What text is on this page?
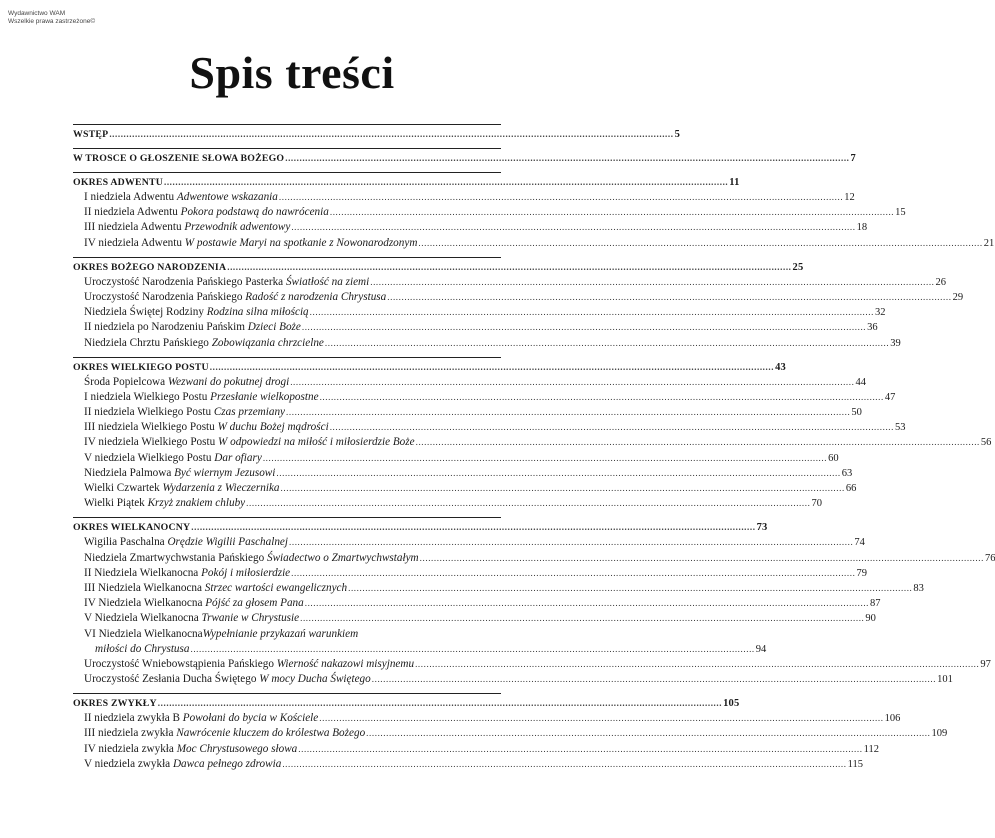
Wydawnictwo WAM
Wszelkie prawa zastrzeżone©
Spis treści
WSTĘP .....	5
W TROSCE O GŁOSZENIE SŁOWA BOŻEGO .....	7
OKRES ADWENTU .....	11
I niedziela Adwentu Adwentowe wskazania .....	12
II niedziela Adwentu Pokora podstawą do nawrócenia .....	15
III niedziela Adwentu Przewodnik adwentowy .....	18
IV niedziela Adwentu W postawie Maryi na spotkanie z Nowonarodzonym .....	21
OKRES BOŻEGO NARODZENIA .....	25
Uroczystość Narodzenia Pańskiego Pasterka Światłość na ziemi .....	26
Uroczystość Narodzenia Pańskiego Radość z narodzenia Chrystusa .....	29
Niedziela Świętej Rodziny Rodzina silna miłością .....	32
II niedziela po Narodzeniu Pańskim Dzieci Boże .....	36
Niedziela Chrztu Pańskiego Zobowiązania chrzcielne .....	39
OKRES WIELKIEGO POSTU .....	43
Środa Popielcowa Wezwani do pokutnej drogi .....	44
I niedziela Wielkiego Postu Przesłanie wielkopostne .....	47
II niedziela Wielkiego Postu Czas przemiany .....	50
III niedziela Wielkiego Postu W duchu Bożej mądrości .....	53
IV niedziela Wielkiego Postu W odpowiedzi na miłość i miłosierdzie Boże .....	56
V niedziela Wielkiego Postu Dar ofiary .....	60
Niedziela Palmowa Być wiernym Jezusowi .....	63
Wielki Czwartek Wydarzenia z Wieczernika .....	66
Wielki Piątek Krzyż znakiem chluby .....	70
OKRES WIELKANOCNY .....	73
Wigilia Paschalna Orędzie Wigilii Paschalnej .....	74
Niedziela Zmartwychwstania Pańskiego Świadectwo o Zmartwychwstałym .....	76
II Niedziela Wielkanocna Pokój i miłosierdzie .....	79
III Niedziela Wielkanocna Strzec wartości ewangelicznych .....	83
IV Niedziela Wielkanocna Pójść za głosem Pana .....	87
V Niedziela Wielkanocna Trwanie w Chrystusie .....	90
VI Niedziela Wielkanocna Wypełnianie przykazań warunkiem
miłości do Chrystusa .....	94
Uroczystość Wniebowstąpienia Pańskiego Wierność nakazowi misyjnemu .....	97
Uroczystość Zesłania Ducha Świętego W mocy Ducha Świętego .....	101
OKRES ZWYKŁY .....	105
II niedziela zwykła B Powołani do bycia w Kościele .....	106
III niedziela zwykła Nawrócenie kluczem do królestwa Bożego .....	109
IV niedziela zwykła Moc Chrystusowego słowa .....	112
V niedziela zwykła Dawca pełnego zdrowia .....	115
